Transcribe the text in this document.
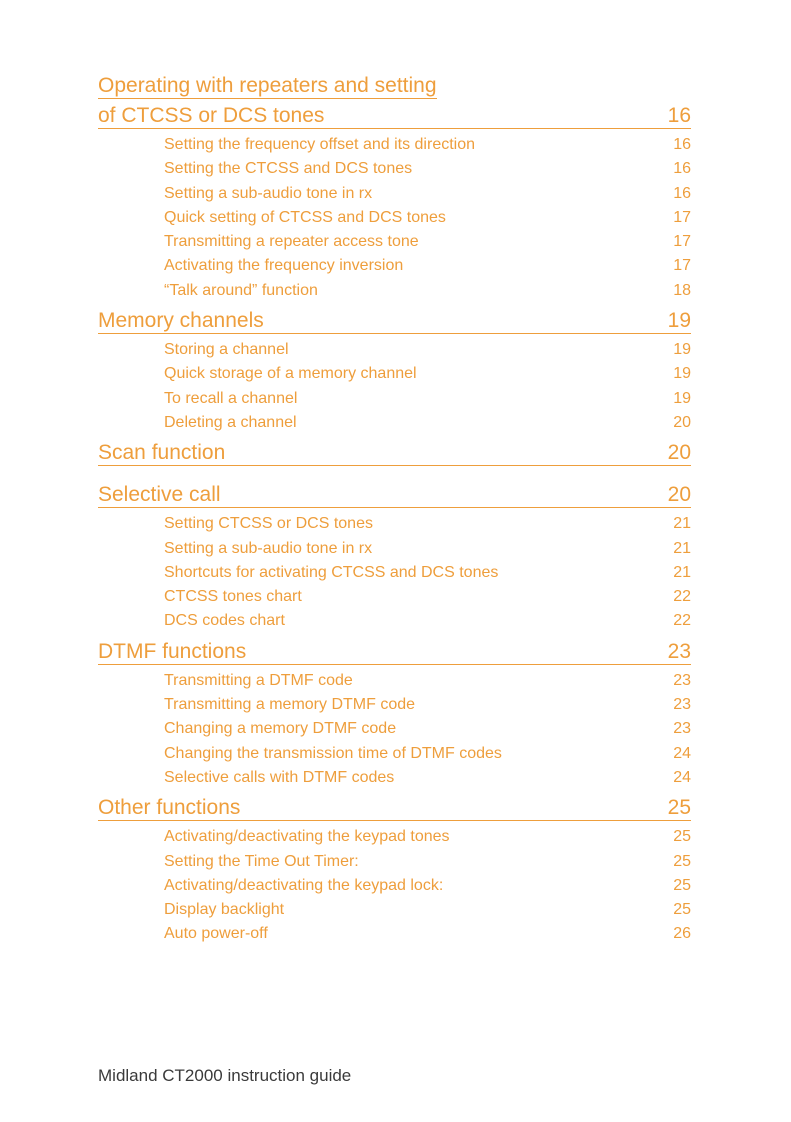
Operating with repeaters and setting
of CTCSS or DCS tones	16
Setting the frequency offset and its direction	16
Setting the CTCSS and DCS tones	16
Setting a sub-audio tone in rx	16
Quick setting of CTCSS and DCS tones	17
Transmitting a repeater access tone	17
Activating the frequency inversion	17
“Talk around” function	18
Memory channels	19
Storing a channel	19
Quick storage of a memory channel	19
To recall a channel	19
Deleting a channel	20
Scan function	20
Selective call	20
Setting CTCSS or DCS tones	21
Setting a sub-audio tone in rx	21
Shortcuts for activating CTCSS and DCS tones	21
CTCSS tones chart	22
DCS codes chart	22
DTMF functions	23
Transmitting a DTMF code	23
Transmitting a memory DTMF code	23
Changing a memory DTMF code	23
Changing the transmission time of DTMF codes	24
Selective calls with DTMF codes	24
Other functions	25
Activating/deactivating the keypad tones	25
Setting the Time Out Timer:	25
Activating/deactivating the keypad lock:	25
Display backlight	25
Auto power-off	26
Midland CT2000 instruction guide
